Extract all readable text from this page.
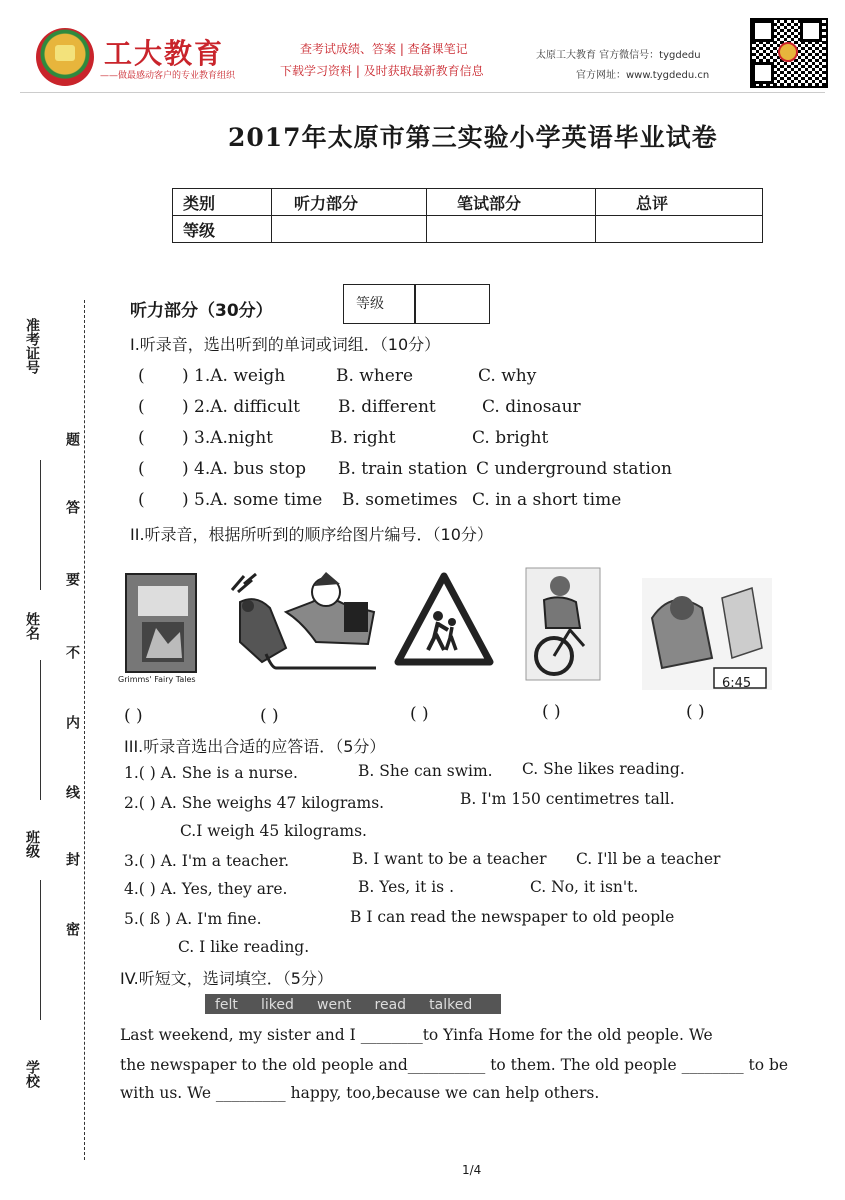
工大教育
——做最感动客户的专业教育组织
查考试成绩、答案 | 查备课笔记
下载学习资料 | 及时获取最新教育信息
太原工大教育 官方微信号：tygdedu
官方网址：www.tygdedu.cn
2017年太原市第三实验小学英语毕业试卷
类别	听力部分	笔试部分	总评
等级			
准考证号
姓名
班级
学校
题
答
要
不
内
线
封
密
听力部分（30分）	等级
I.听录音，选出听到的单词或词组．（10分）
( ) 1.A. weigh	B. where	C. why
( ) 2.A. difficult B. different	C. dinosaur
( ) 3.A.night	B. right	C. bright
( ) 4.A. bus stop B. train station C underground station
( ) 5.A. some time B. sometimes C. in a short time
II.听录音，根据所听到的顺序给图片编号．（10分）
Grimms' Fairy Tales	6:45
( )	( )	( )	( )	( )
III.听录音选出合适的应答语．（5分）
1.( ) A. She is a nurse.	B. She can swim. C. She likes reading.
2.( ) A. She weighs 47 kilograms.	B. I'm 150 centimetres tall.
C.I weigh 45 kilograms.
3.( ) A. I'm a teacher.	B. I want to be a teacher C. I'll be a teacher
4.( ) A. Yes, they are.	B. Yes, it is .	C. No, it isn't.
5.( ß ) A. I'm fine.	B I can read the newspaper to old people
C. I like reading.
IV.听短文，选词填空．（5分）
felt liked went read talked
Last weekend, my sister and I ________to Yinfa Home for the old people. We
the newspaper to the old people and__________ to them. The old people ________ to be
with us. We _________ happy, too,because we can help others.
1/4
